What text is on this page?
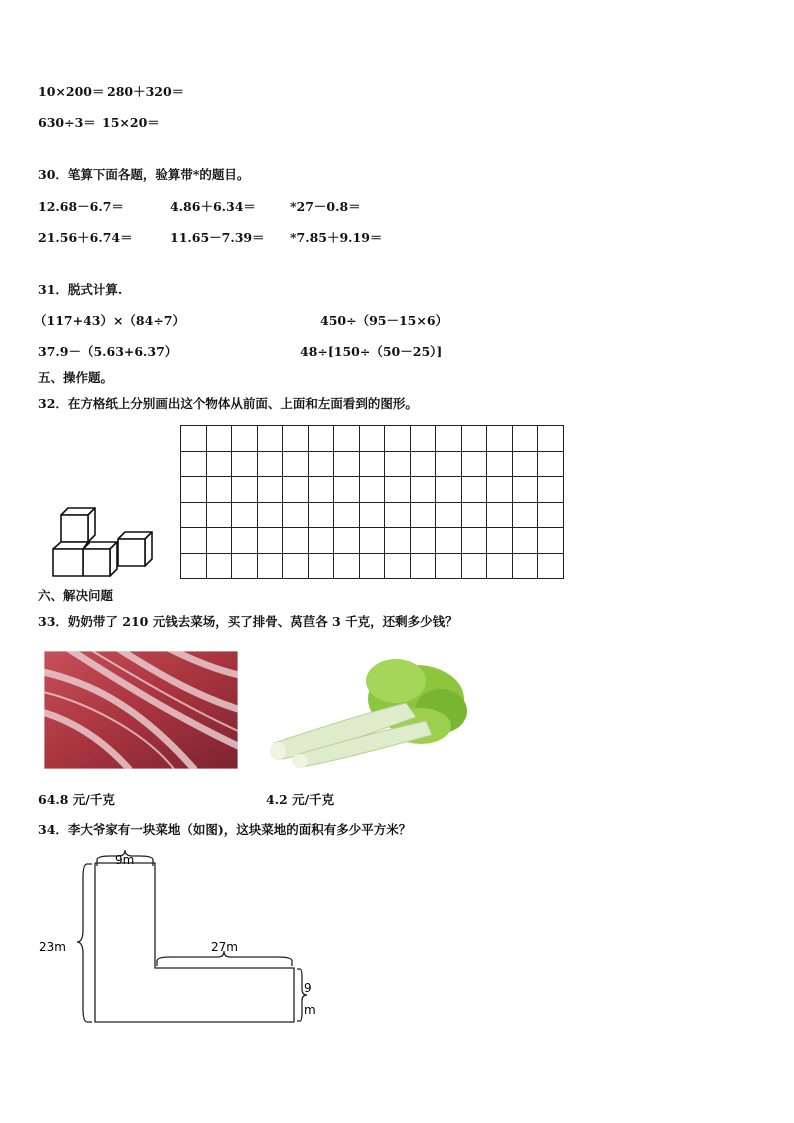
10×200＝ 280＋320＝
630÷3＝ 15×20＝
30．笔算下面各题，验算带*的题目。
12.68－6.7＝	4.86＋6.34＝	*27－0.8＝
21.56＋6.74＝	11.65－7.39＝ *7.85＋9.19＝
31．脱式计算.
（117+43）×（84÷7）	450÷（95－15×6）
37.9－（5.63+6.37）	48÷[150÷（50－25）]
五、操作题。
32．在方格纸上分别画出这个物体从前面、上面和左面看到的图形。

六、解决问题
33．奶奶带了 210 元钱去菜场，买了排骨、莴苣各 3 千克，还剩多少钱？
64.8 元/千克	4.2 元/千克
34．李大爷家有一块菜地（如图)，这块菜地的面积有多少平方米？
9m
23m	27m
9
m
